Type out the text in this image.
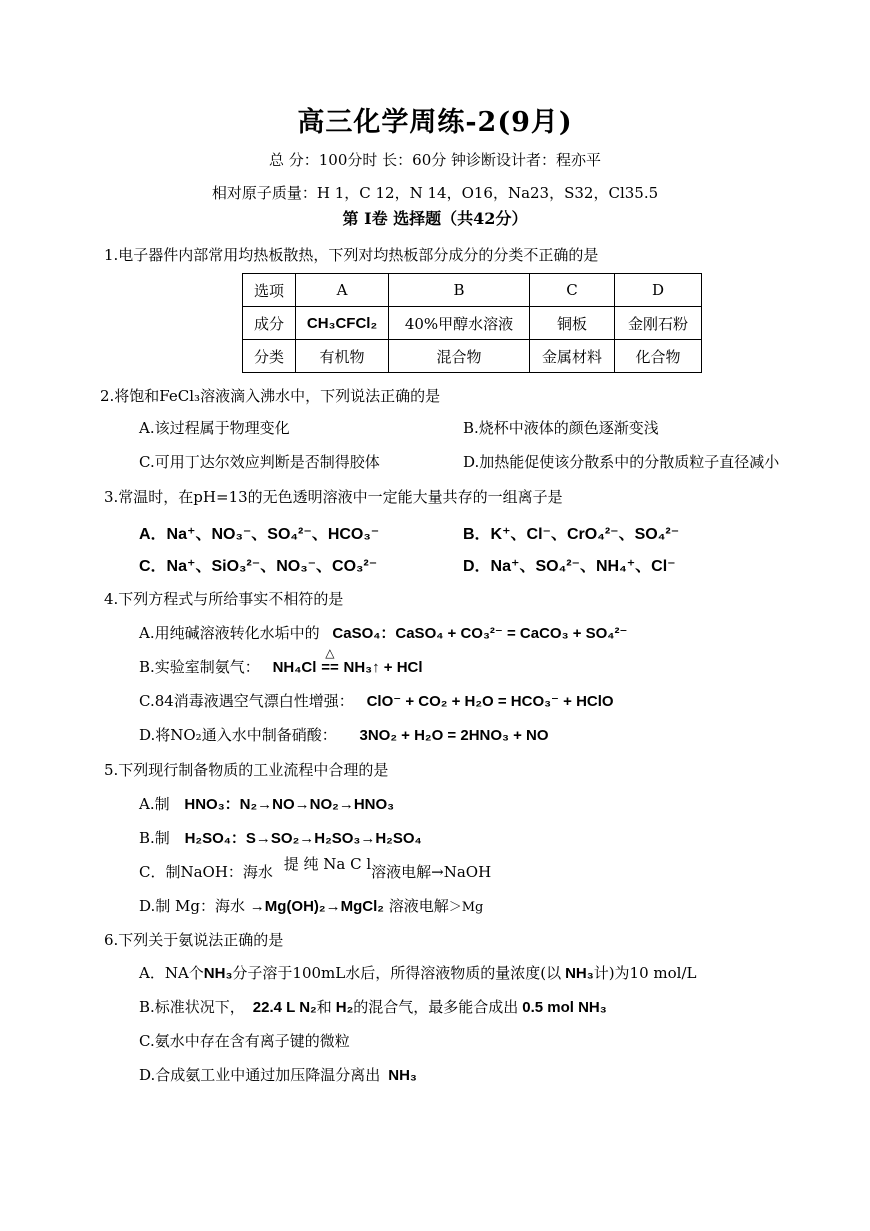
高三化学周练-2(9月)
总 分：100分时 长：60分 钟诊断设计者：程亦平
相对原子质量：H 1，C 12，N 14，O16，Na23，S32，Cl35.5
第 Ⅰ卷 选择题（共42分）
1.电子器件内部常用均热板散热，下列对均热板部分成分的分类不正确的是
选项	A	B	C	D
成分	CH₃CFCl₂	40%甲醇水溶液	铜板	金刚石粉
分类	有机物	混合物	金属材料	化合物
2.将饱和FeCl₃溶液滴入沸水中，下列说法正确的是
A.该过程属于物理变化	B.烧杯中液体的颜色逐渐变浅
C.可用丁达尔效应判断是否制得胶体	D.加热能促使该分散系中的分散质粒子直径减小
3.常温时，在pH=13的无色透明溶液中一定能大量共存的一组离子是
A．Na⁺、NO₃⁻、SO₄²⁻、HCO₃⁻	B．K⁺、Cl⁻、CrO₄²⁻、SO₄²⁻
C．Na⁺、SiO₃²⁻、NO₃⁻、CO₃²⁻	D．Na⁺、SO₄²⁻、NH₄⁺、Cl⁻
4.下列方程式与所给事实不相符的是
A.用纯碱溶液转化水垢中的 CaSO₄：CaSO₄ + CO₃²⁻ = CaCO₃ + SO₄²⁻
B.实验室制氨气： NH₄Cl
△
== NH₃↑ + HCl
C.84消毒液遇空气漂白性增强： ClO⁻ + CO₂ + H₂O = HCO₃⁻ + HClO
D.将NO₂通入水中制备硝酸： 3NO₂ + H₂O = 2HNO₃ + NO
5.下列现行制备物质的工业流程中合理的是
A.制 HNO₃：N₂→NO→NO₂→HNO₃
B.制 H₂SO₄：S→SO₂→H₂SO₃→H₂SO₄
C．制NaOH：海水 提 纯 Na C l溶液电解→NaOH
D.制 Mg：海水 →Mg(OH)₂→MgCl₂ 溶液电解＞Mg
6.下列关于氨说法正确的是
A．NA个NH₃分子溶于100mL水后，所得溶液物质的量浓度(以 NH₃计)为10 mol/L
B.标准状况下， 22.4 L N₂和 H₂的混合气，最多能合成出 0.5 mol NH₃
C.氨水中存在含有离子键的微粒
D.合成氨工业中通过加压降温分离出 NH₃
